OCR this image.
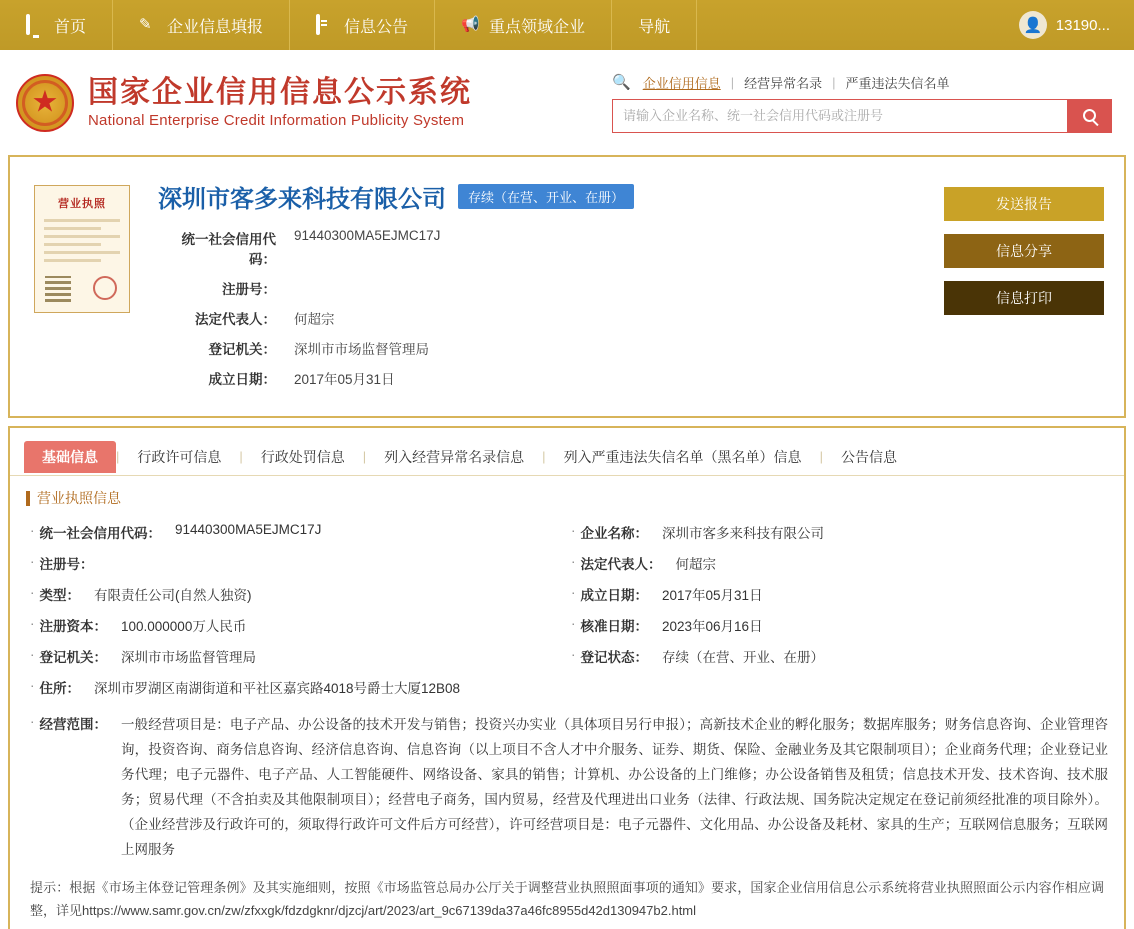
首页	✎ 企业信息填报	信息公告	📢 重点领域企业	导航	👤 13190...
★ 国家企业信用信息公示系统
National Enterprise Credit Information Publicity System
🔍 企业信用信息 | 经营异常名录 | 严重违法失信名单
请输入企业名称、统一社会信用代码或注册号
营业执照	深圳市客多来科技有限公司	存续（在营、开业、在册）
统一社会信用代码：
91440300MA5EJMC17J
注册号：
法定代表人： 何超宗
登记机关： 深圳市市场监督管理局
成立日期： 2017年05月31日
发送报告
信息分享
信息打印
基础信息	|	行政许可信息	|	行政处罚信息	|	列入经营异常名录信息	|	列入严重违法失信名单（黑名单）信息	|	公告信息
营业执照信息
· 统一社会信用代码： 91440300MA5EJMC17J	· 企业名称： 深圳市客多来科技有限公司
· 注册号：	· 法定代表人： 何超宗
· 类型： 有限责任公司(自然人独资)	· 成立日期： 2017年05月31日
· 注册资本： 100.000000万人民币	· 核准日期： 2023年06月16日
· 登记机关： 深圳市市场监督管理局	· 登记状态： 存续（在营、开业、在册）
· 住所： 深圳市罗湖区南湖街道和平社区嘉宾路4018号爵士大厦12B08
· 经营范围： 一般经营项目是：电子产品、办公设备的技术开发与销售；投资兴办实业（具体项目另行申报）；高新技术企业的孵化服务；数据库服务；财务信息咨询、企业管理咨询，投资咨询、商务信息咨询、经济信息咨询、信息咨询（以上项目不含人才中介服务、证券、期货、保险、金融业务及其它限制项目）；企业商务代理；企业登记业务代理；电子元器件、电子产品、人工智能硬件、网络设备、家具的销售；计算机、办公设备的上门维修；办公设备销售及租赁；信息技术开发、技术咨询、技术服务；贸易代理（不含拍卖及其他限制项目）；经营电子商务，国内贸易，经营及代理进出口业务（法律、行政法规、国务院决定规定在登记前须经批准的项目除外）。（企业经营涉及行政许可的，须取得行政许可文件后方可经营），许可经营项目是：电子元器件、文化用品、办公设备及耗材、家具的生产；互联网信息服务；互联网上网服务
提示：根据《市场主体登记管理条例》及其实施细则，按照《市场监管总局办公厅关于调整营业执照照面事项的通知》要求，国家企业信用信息公示系统将营业执照照面公示内容作相应调整，详见https://www.samr.gov.cn/zw/zfxxgk/fdzdgknr/djzcj/art/2023/art_9c67139da37a46fc8955d42d130947b2.html
